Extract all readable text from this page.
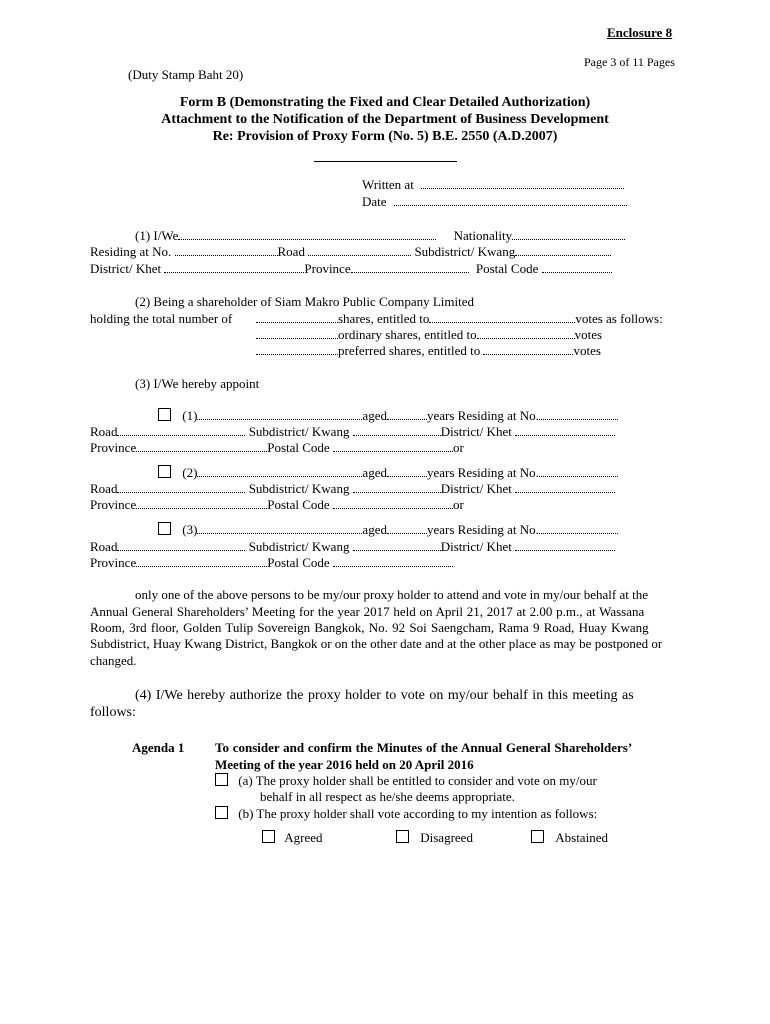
Enclosure 8
Page 3 of 11 Pages
(Duty Stamp Baht 20)
Form B (Demonstrating the Fixed and Clear Detailed Authorization)
Attachment to the Notification of the Department of Business Development
Re: Provision of Proxy Form (No. 5) B.E. 2550 (A.D.2007)
Written at
Date
(1) I/We	Nationality
Residing at No.	Road	Subdistrict/ Kwang
District/ Khet	Province	Postal Code
(2) Being a shareholder of Siam Makro Public Company Limited
holding the total number of	shares, entitled to	votes as follows:
ordinary shares, entitled to	votes
preferred shares, entitled to	votes
(3) I/We hereby appoint
(1)	aged	years Residing at No.
Road	Subdistrict/ Kwang	District/ Khet
Province	Postal Code	or
(2)	aged	years Residing at No.
Road	Subdistrict/ Kwang	District/ Khet
Province	Postal Code	or
(3)	aged	years Residing at No.
Road	Subdistrict/ Kwang	District/ Khet
Province	Postal Code
only one of the above persons to be my/our proxy holder to attend and vote in my/our behalf at the
Annual General Shareholders’ Meeting for the year 2017 held on April 21, 2017 at 2.00 p.m., at Wassana
Room, 3rd floor, Golden Tulip Sovereign Bangkok, No. 92 Soi Saengcham, Rama 9 Road, Huay Kwang
Subdistrict, Huay Kwang District, Bangkok or on the other date and at the other place as may be postponed or
changed.
(4) I/We hereby authorize the proxy holder to vote on my/our behalf in this meeting as
follows:
Agenda 1 To consider and confirm the Minutes of the Annual General Shareholders’
Meeting of the year 2016 held on 20 April 2016
(a) The proxy holder shall be entitled to consider and vote on my/our
behalf in all respect as he/she deems appropriate.
(b) The proxy holder shall vote according to my intention as follows:
Agreed	Disagreed	Abstained
